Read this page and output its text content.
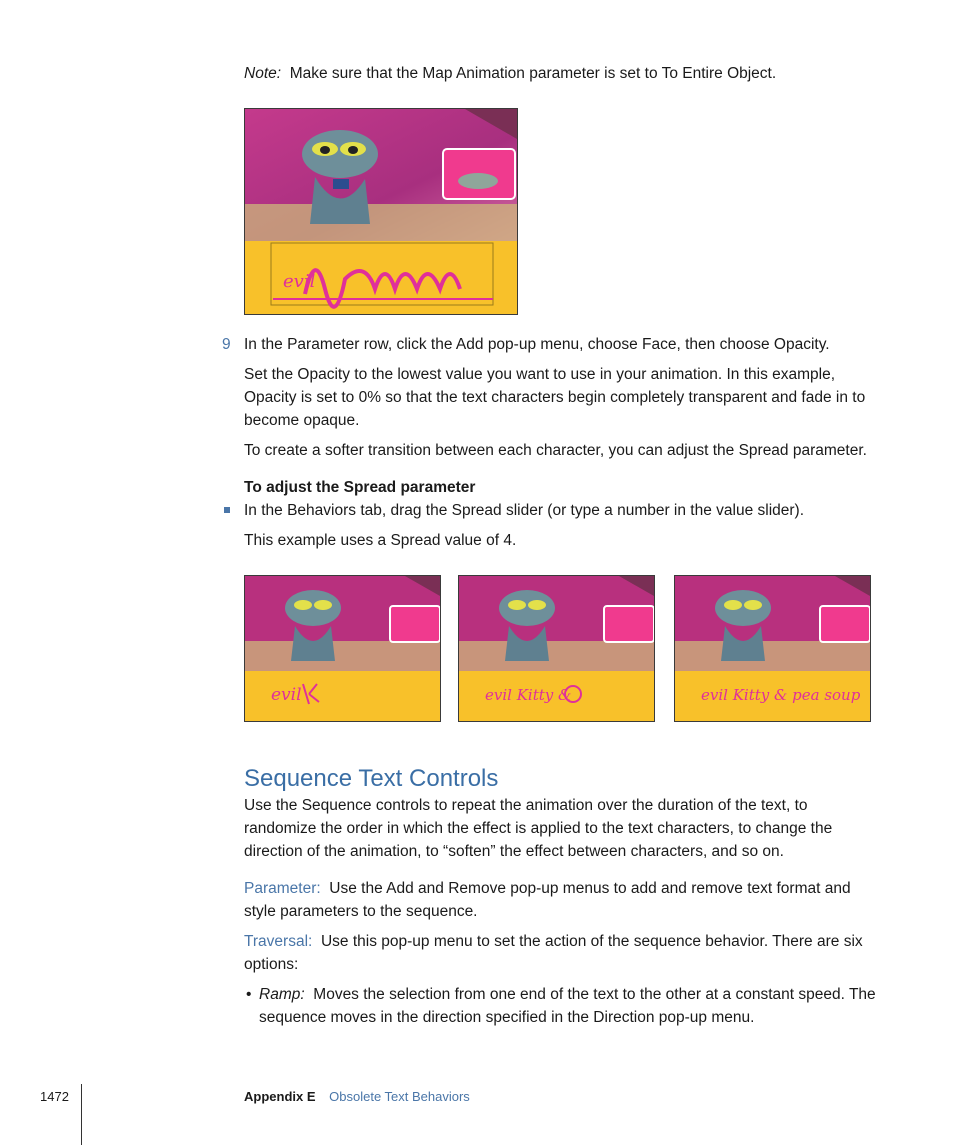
Note: Make sure that the Map Animation parameter is set to To Entire Object.

evil
9 In the Parameter row, click the Add pop-up menu, choose Face, then choose Opacity.

Set the Opacity to the lowest value you want to use in your animation. In this example, Opacity is set to 0% so that the text characters begin completely transparent and fade in to become opaque.

To create a softer transition between each character, you can adjust the Spread parameter.

To adjust the Spread parameter

In the Behaviors tab, drag the Spread slider (or type a number in the value slider).

This example uses a Spread value of 4.

evil	evil Kitty &	evil Kitty & pea soup
Sequence Text Controls

Use the Sequence controls to repeat the animation over the duration of the text, to randomize the order in which the effect is applied to the text characters, to change the direction of the animation, to “soften” the effect between characters, and so on.

Parameter: Use the Add and Remove pop-up menus to add and remove text format and style parameters to the sequence.

Traversal: Use this pop-up menu to set the action of the sequence behavior. There are six options:

• Ramp: Moves the selection from one end of the text to the other at a constant speed. The sequence moves in the direction specified in the Direction pop-up menu.

1472	Appendix E Obsolete Text Behaviors
